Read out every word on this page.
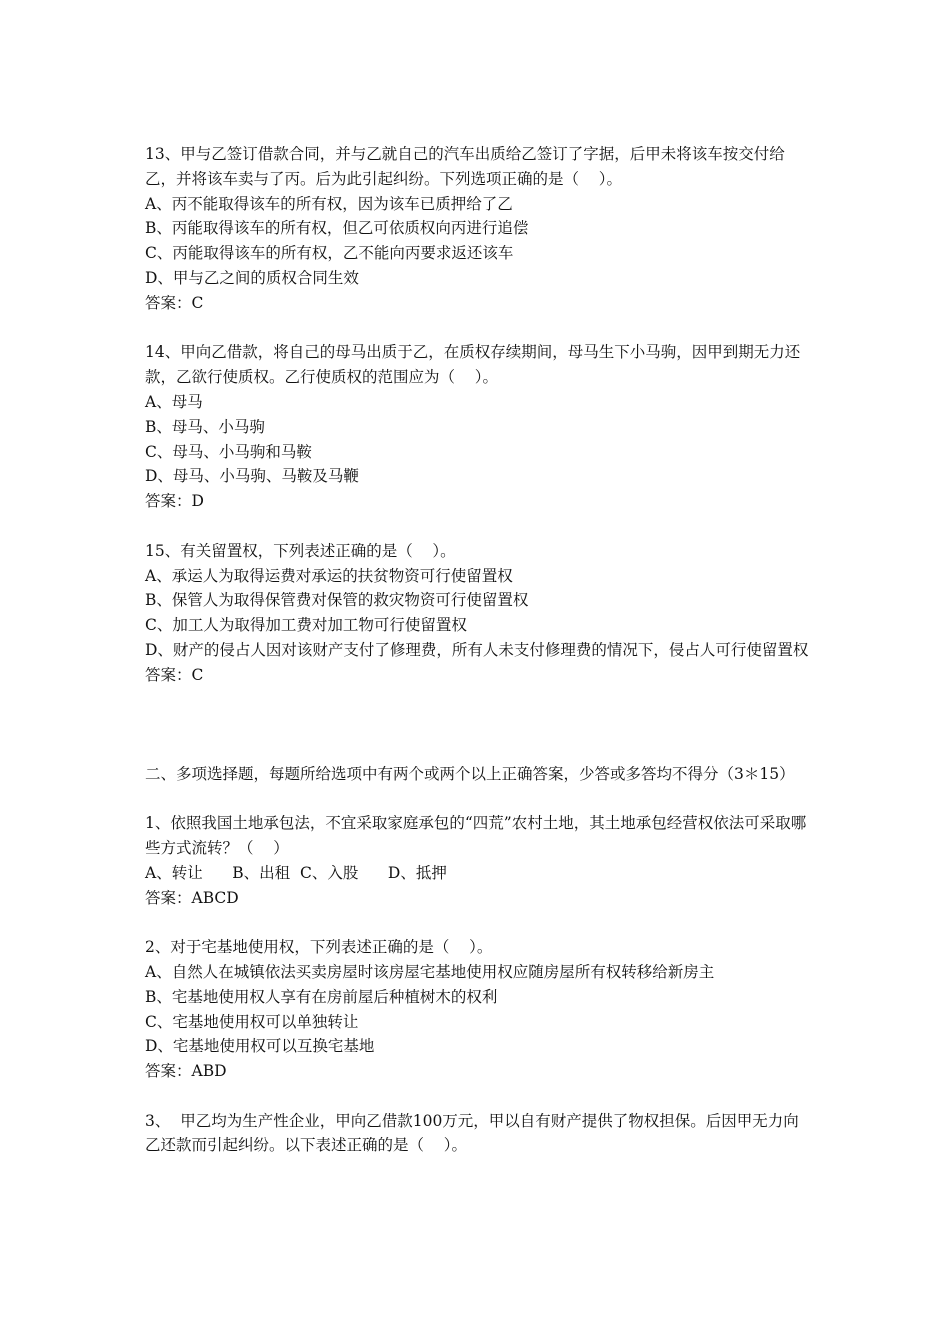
13、甲与乙签订借款合同，并与乙就自己的汽车出质给乙签订了字据，后甲未将该车按交付给乙，并将该车卖与了丙。后为此引起纠纷。下列选项正确的是（    ）。

A、丙不能取得该车的所有权，因为该车已质押给了乙

B、丙能取得该车的所有权，但乙可依质权向丙进行追偿

C、丙能取得该车的所有权，乙不能向丙要求返还该车

D、甲与乙之间的质权合同生效

答案：C

14、甲向乙借款，将自己的母马出质于乙，在质权存续期间，母马生下小马驹，因甲到期无力还款，乙欲行使质权。乙行使质权的范围应为（    ）。

A、母马

B、母马、小马驹

C、母马、小马驹和马鞍

D、母马、小马驹、马鞍及马鞭

答案：D

15、有关留置权，下列表述正确的是（    ）。

A、承运人为取得运费对承运的扶贫物资可行使留置权

B、保管人为取得保管费对保管的救灾物资可行使留置权

C、加工人为取得加工费对加工物可行使留置权

D、财产的侵占人因对该财产支付了修理费，所有人未支付修理费的情况下，侵占人可行使留置权

答案：C

二、多项选择题，每题所给选项中有两个或两个以上正确答案，少答或多答均不得分（3＊15）

1、依照我国土地承包法，不宜采取家庭承包的“四荒”农村土地，其土地承包经营权依法可采取哪些方式流转？（    ）

A、转让      B、出租  C、入股      D、抵押

答案：ABCD

2、对于宅基地使用权，下列表述正确的是（    ）。

A、自然人在城镇依法买卖房屋时该房屋宅基地使用权应随房屋所有权转移给新房主

B、宅基地使用权人享有在房前屋后种植树木的权利

C、宅基地使用权可以单独转让

D、宅基地使用权可以互换宅基地

答案：ABD

3、  甲乙均为生产性企业，甲向乙借款100万元，甲以自有财产提供了物权担保。后因甲无力向乙还款而引起纠纷。以下表述正确的是（    ）。
